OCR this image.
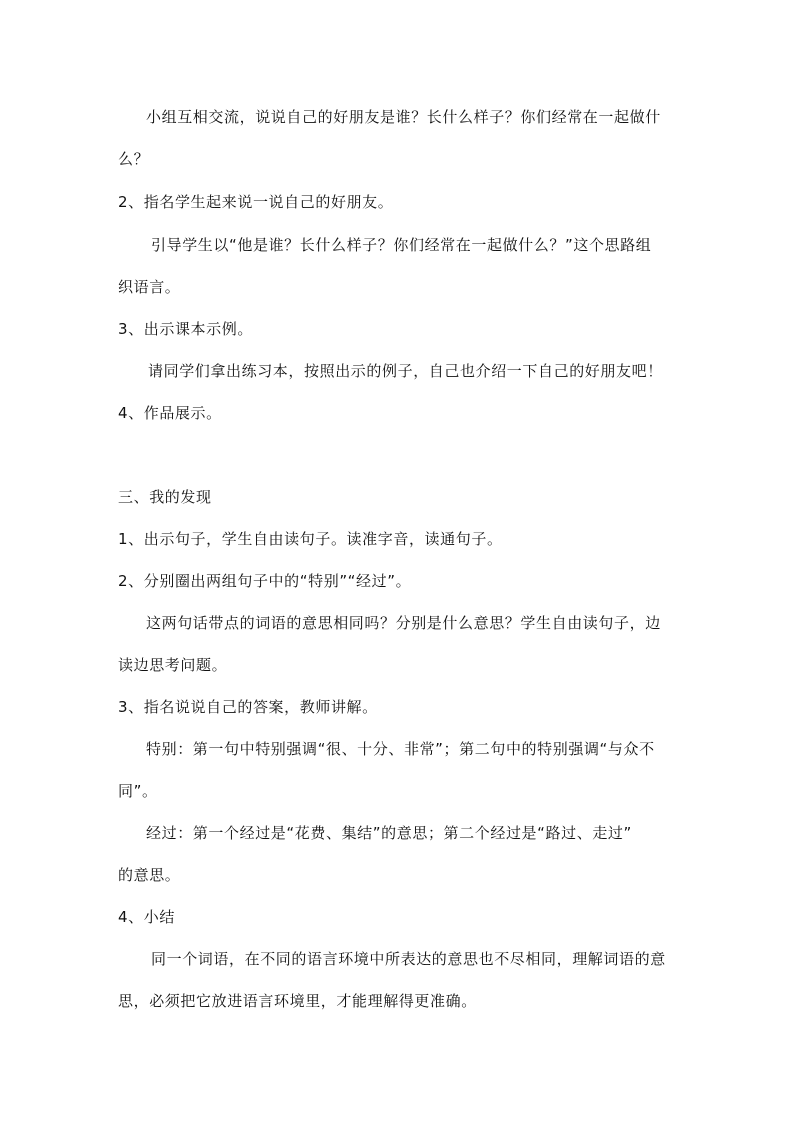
小组互相交流，说说自己的好朋友是谁？长什么样子？你们经常在一起做什
么？
2、指名学生起来说一说自己的好朋友。
引导学生以“他是谁？长什么样子？你们经常在一起做什么？”这个思路组
织语言。
3、出示课本示例。
请同学们拿出练习本，按照出示的例子，自己也介绍一下自己的好朋友吧！
4、作品展示。
三、我的发现
1、出示句子，学生自由读句子。读准字音，读通句子。
2、分别圈出两组句子中的“特别”“经过”。
这两句话带点的词语的意思相同吗？分别是什么意思？学生自由读句子，边
读边思考问题。
3、指名说说自己的答案，教师讲解。
特别：第一句中特别强调“很、十分、非常”；第二句中的特别强调“与众不
同”。
经过：第一个经过是“花费、集结”的意思；第二个经过是“路过、走过”
的意思。
4、小结
同一个词语，在不同的语言环境中所表达的意思也不尽相同，理解词语的意
思，必须把它放进语言环境里，才能理解得更准确。
